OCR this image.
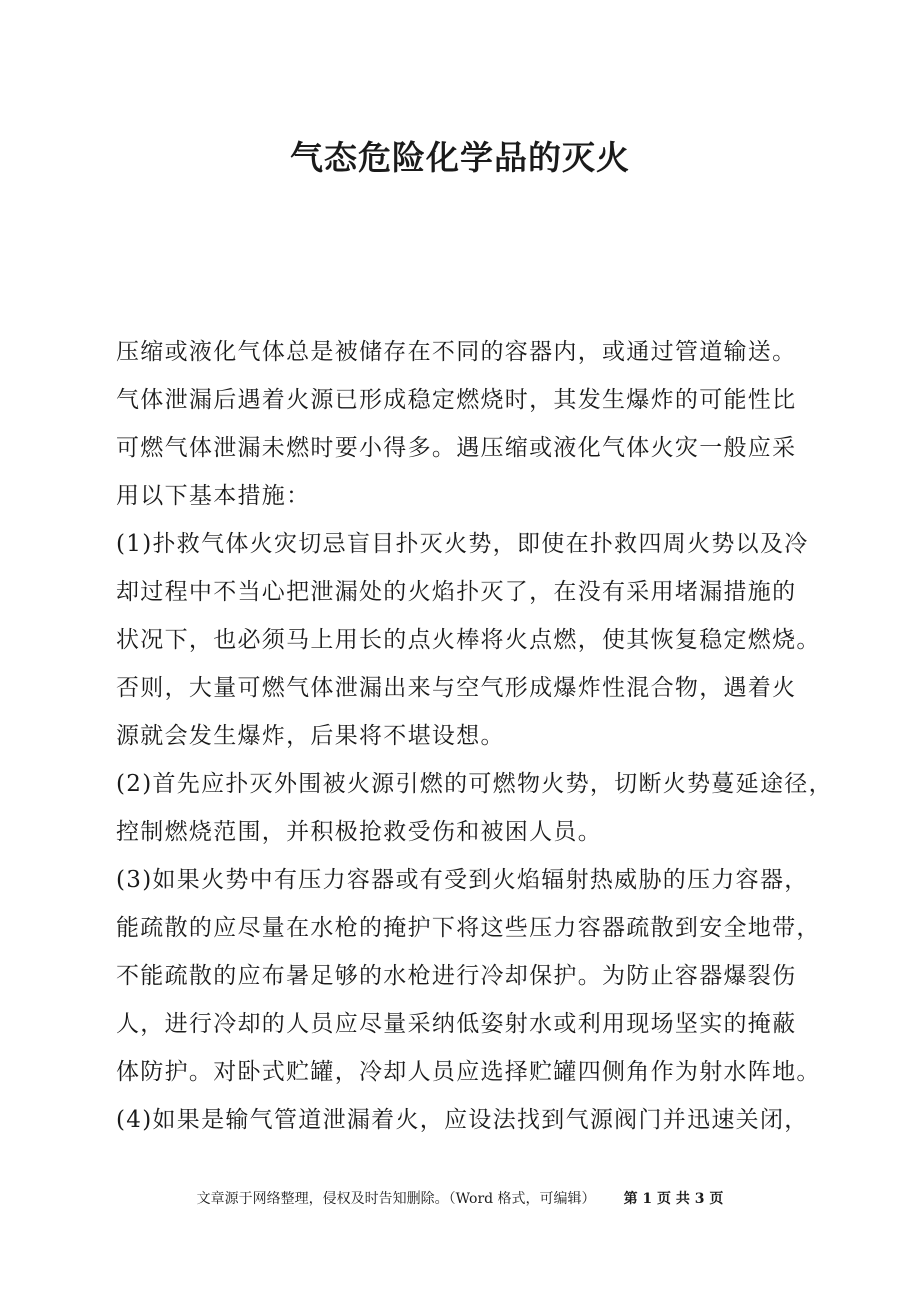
气态危险化学品的灭火
压缩或液化气体总是被储存在不同的容器内，或通过管道输送。
气体泄漏后遇着火源已形成稳定燃烧时，其发生爆炸的可能性比
可燃气体泄漏未燃时要小得多。遇压缩或液化气体火灾一般应采
用以下基本措施：
(1)扑救气体火灾切忌盲目扑灭火势，即使在扑救四周火势以及冷
却过程中不当心把泄漏处的火焰扑灭了，在没有采用堵漏措施的
状况下，也必须马上用长的点火棒将火点燃，使其恢复稳定燃烧。
否则，大量可燃气体泄漏出来与空气形成爆炸性混合物，遇着火
源就会发生爆炸，后果将不堪设想。
(2)首先应扑灭外围被火源引燃的可燃物火势，切断火势蔓延途径，
控制燃烧范围，并积极抢救受伤和被困人员。
(3)如果火势中有压力容器或有受到火焰辐射热威胁的压力容器，
能疏散的应尽量在水枪的掩护下将这些压力容器疏散到安全地带，
不能疏散的应布暑足够的水枪进行冷却保护。为防止容器爆裂伤
人，进行冷却的人员应尽量采纳低姿射水或利用现场坚实的掩蔽
体防护。对卧式贮罐，冷却人员应选择贮罐四侧角作为射水阵地。
(4)如果是输气管道泄漏着火，应设法找到气源阀门并迅速关闭，
文章源于网络整理，侵权及时告知删除。（Word 格式，可编辑） 第 1 页 共 3 页
